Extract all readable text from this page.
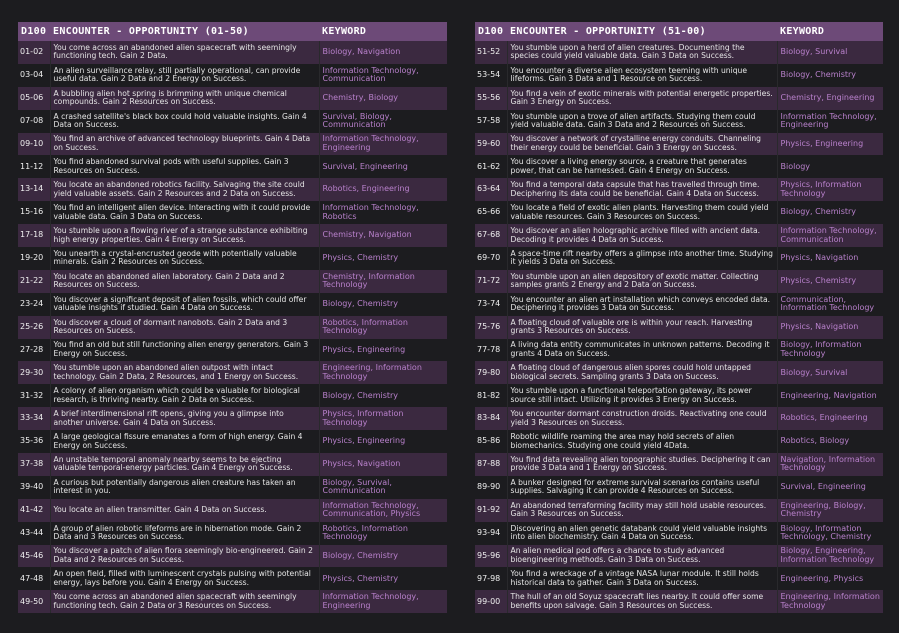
D100	ENCOUNTER - OPPORTUNITY (01-50)	KEYWORD
01-02	You come across an abandoned alien spacecraft with seemingly functioning tech. Gain 2 Data.	Biology, Navigation
03-04	An alien surveillance relay, still partially operational, can provide useful data. Gain 2 Data and 2 Energy on Success.	Information Technology, Communication
05-06	A bubbling alien hot spring is brimming with unique chemical compounds. Gain 2 Resources on Success.	Chemistry, Biology
07-08	A crashed satellite's black box could hold valuable insights. Gain 4 Data on Success.	Survival, Biology, Communication
09-10	You find an archive of advanced technology blueprints. Gain 4 Data on Success.	Information Technology, Engineering
11-12	You find abandoned survival pods with useful supplies. Gain 3 Resources on Success.	Survival, Engineering
13-14	You locate an abandoned robotics facility. Salvaging the site could yield valuable assets. Gain 2 Resources and 2 Data on Success.	Robotics, Engineering
15-16	You find an intelligent alien device. Interacting with it could provide valuable data. Gain 3 Data on Success.	Information Technology, Robotics
17-18	You stumble upon a flowing river of a strange substance exhibiting high energy properties. Gain 4 Energy on Success.	Chemistry, Navigation
19-20	You unearth a crystal-encrusted geode with potentially valuable minerals. Gain 2 Resources on Success.	Physics, Chemistry
21-22	You locate an abandoned alien laboratory. Gain 2 Data and 2 Resources on Success.	Chemistry, Information Technology
23-24	You discover a significant deposit of alien fossils, which could offer valuable insights if studied. Gain 4 Data on Success.	Biology, Chemistry
25-26	You discover a cloud of dormant nanobots. Gain 2 Data and 3 Resources on Sucess.	Robotics, Information Technology
27-28	You find an old but still functioning alien energy generators. Gain 3 Energy on Success.	Physics, Engineering
29-30	You stumble upon an abandoned alien outpost with intact technology. Gain 2 Data, 2 Resources, and 1 Energy on Success.	Engineering, Information Technology
31-32	A colony of alien organism which could be valuable for biological research, is thriving nearby. Gain 2 Data on Success.	Biology, Chemistry
33-34	A brief interdimensional rift opens, giving you a glimpse into another universe. Gain 4 Data on Success.	Physics, Information Technology
35-36	A large geological fissure emanates a form of high energy. Gain 4 Energy on Success.	Physics, Engineering
37-38	An unstable temporal anomaly nearby seems to be ejecting valuable temporal-energy particles. Gain 4 Energy on Success.	Physics, Navigation
39-40	A curious but potentially dangerous alien creature has taken an interest in you.	Biology, Survival, Communication
41-42	You locate an alien transmitter. Gain 4 Data on Success.	Information Technology, Communication, Physics
43-44	A group of alien robotic lifeforms are in hibernation mode. Gain 2 Data and 3 Resources on Success.	Robotics, Information Technology
45-46	You discover a patch of alien flora seemingly bio-engineered. Gain 2 Data and 2 Resources on Success.	Biology, Chemistry
47-48	An open field, filled with luminescent crystals pulsing with potential energy, lays before you. Gain 4 Energy on Success.	Physics, Chemistry
49-50	You come across an abandoned alien spacecraft with seemingly functioning tech. Gain 2 Data or 3 Resources on Success.	Information Technology, Engineering
D100	ENCOUNTER - OPPORTUNITY (51-00)	KEYWORD
51-52	You stumble upon a herd of alien creatures. Documenting the species could yield valuable data. Gain 3 Data on Success.	Biology, Survival
53-54	You encounter a diverse alien ecosystem teeming with unique lifeforms. Gain 3 Data and 1 Resource on Success.	Biology, Chemistry
55-56	You find a vein of exotic minerals with potential energetic properties. Gain 3 Energy on Success.	Chemistry, Engineering
57-58	You stumble upon a trove of alien artifacts. Studying them could yield valuable data. Gain 3 Data and 2 Resources on Success.	Information Technology, Engineering
59-60	You discover a network of crystalline energy conduits. Channeling their energy could be beneficial. Gain 3 Energy on Success.	Physics, Engineering
61-62	You discover a living energy source, a creature that generates power, that can be harnessed. Gain 4 Energy on Success.	Biology
63-64	You find a temporal data capsule that has travelled through time. Deciphering its data could be beneficial. Gain 4 Data on Success.	Physics, Information Technology
65-66	You locate a field of exotic alien plants. Harvesting them could yield valuable resources. Gain 3 Resources on Success.	Biology, Chemistry
67-68	You discover an alien holographic archive filled with ancient data. Decoding it provides 4 Data on Success.	Information Technology, Communication
69-70	A space-time rift nearby offers a glimpse into another time. Studying it yields 3 Data on Success.	Physics, Navigation
71-72	You stumble upon an alien depository of exotic matter. Collecting samples grants 2 Energy and 2 Data on Success.	Physics, Chemistry
73-74	You encounter an alien art installation which conveys encoded data. Deciphering it provides 3 Data on Success.	Communication, Information Technology
75-76	A floating cloud of valuable ore is within your reach. Harvesting grants 3 Resources on Success.	Physics, Navigation
77-78	A living data entity communicates in unknown patterns. Decoding it grants 4 Data on Success.	Biology, Information Technology
79-80	A floating cloud of dangerous alien spores could hold untapped biological secrets. Sampling grants 3 Data on Success.	Biology, Survival
81-82	You stumble upon a functional teleportation gateway, its power source still intact. Utilizing it provides 3 Energy on Success.	Engineering, Navigation
83-84	You encounter dormant construction droids. Reactivating one could yield 3 Resources on Success.	Robotics, Engineering
85-86	Robotic wildlife roaming the area may hold secrets of alien biomechanics. Studying one could yield 4Data.	Robotics, Biology
87-88	You find data revealing alien topographic studies. Deciphering it can provide 3 Data and 1 Energy on Success.	Navigation, Information Technology
89-90	A bunker designed for extreme survival scenarios contains useful supplies. Salvaging it can provide 4 Resources on Success.	Survival, Engineering
91-92	An abandoned terraforming facility may still hold usable resources. Gain 3 Resources on Success.	Engineering, Biology, Chemistry
93-94	Discovering an alien genetic databank could yield valuable insights into alien biochemistry. Gain 4 Data on Success.	Biology, Information Technology, Chemistry
95-96	An alien medical pod offers a chance to study advanced bioengineering methods. Gain 3 Data on Success.	Biology, Engineering, Information Technology
97-98	You find a wreckage of a vintage NASA lunar module. It still holds historical data to gather. Gain 3 Data on Success.	Engineering, Physics
99-00	The hull of an old Soyuz spacecraft lies nearby. It could offer some benefits upon salvage. Gain 3 Resources on Success.	Engineering, Information Technology
